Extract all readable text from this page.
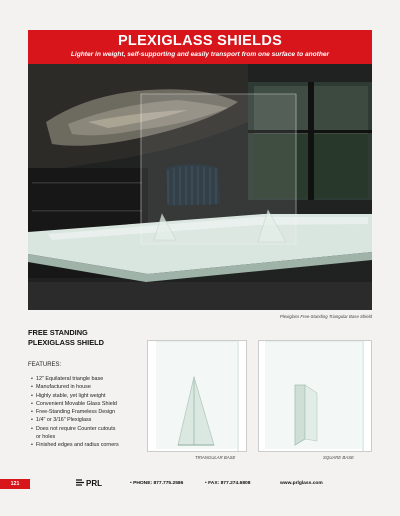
PLEXIGLASS SHIELDS
Lighter in weight, self-supporting and easily transport from one surface to another
Plexiglass Free-Standing Triangular Base Shield
FREE STANDING
PLEXIGLASS SHIELD
FEATURES:
• 12" Equilateral triangle base
• Manufactured in house
• Highly stable, yet light weight
• Convenient Movable Glass Shield
• Free-Standing Frameless Design
• 1/4" or 3/16" Plexiglass
• Does not require Counter cutouts
or holes
• Finished edges and radius corners
TRIANGULAR BASE	SQUARE BASE
121	PRL	• PHONE: 877.775.2586	• FAX: 877.274.6808	www.prlglass.com
